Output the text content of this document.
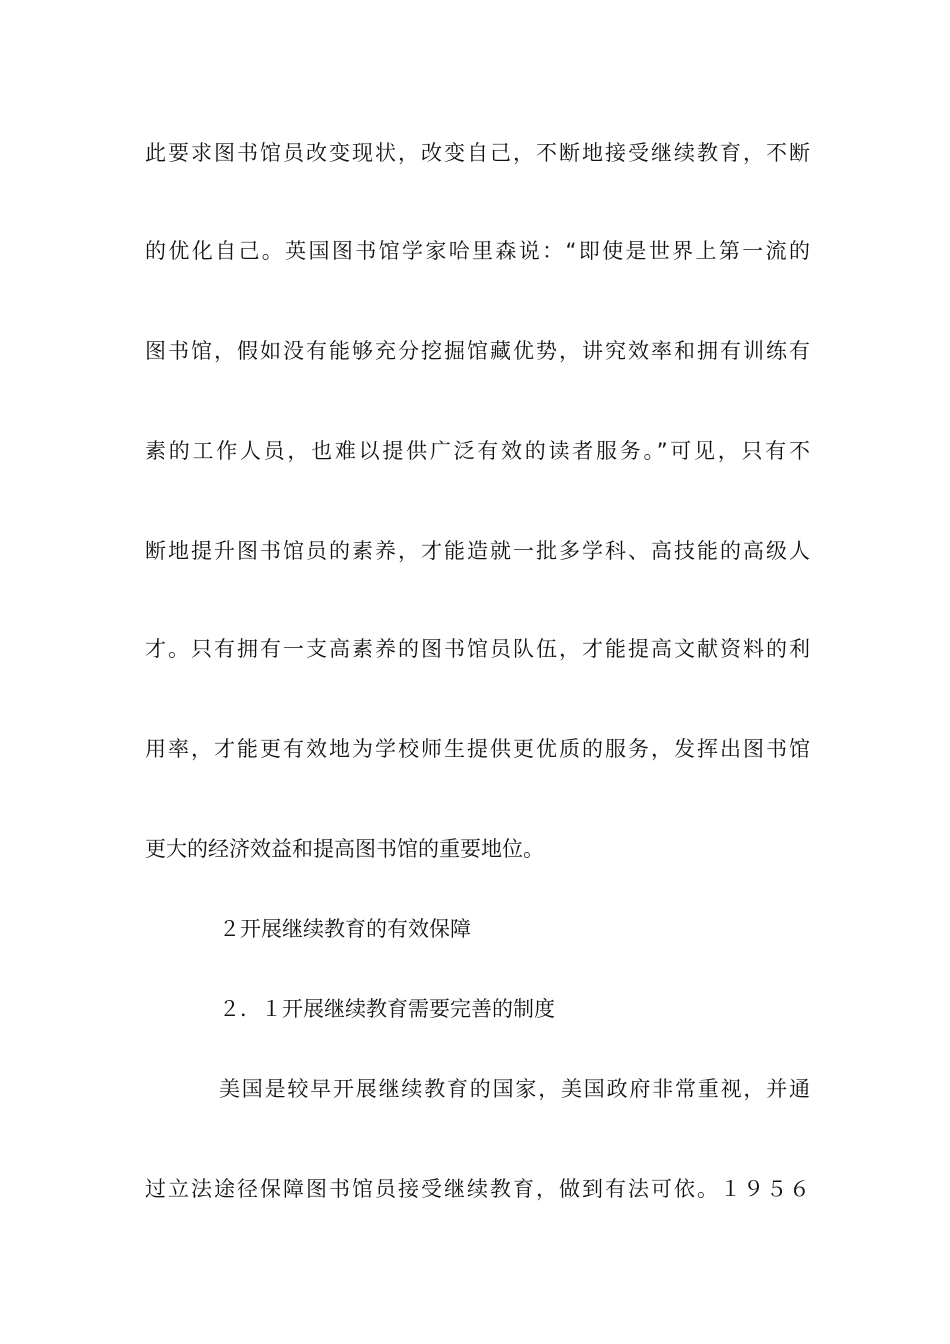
此要求图书馆员改变现状，改变自己，不断地接受继续教育，不断
的优化自己。英国图书馆学家哈里森说：“即使是世界上第一流的
图书馆，假如没有能够充分挖掘馆藏优势，讲究效率和拥有训练有
素的工作人员，也难以提供广泛有效的读者服务。”可见，只有不
断地提升图书馆员的素养，才能造就一批多学科、高技能的高级人
才。只有拥有一支高素养的图书馆员队伍，才能提高文献资料的利
用率，才能更有效地为学校师生提供更优质的服务，发挥出图书馆
更大的经济效益和提高图书馆的重要地位。
２开展继续教育的有效保障
２．１开展继续教育需要完善的制度
美国是较早开展继续教育的国家，美国政府非常重视，并通
过立法途径保障图书馆员接受继续教育，做到有法可依。１９５６
